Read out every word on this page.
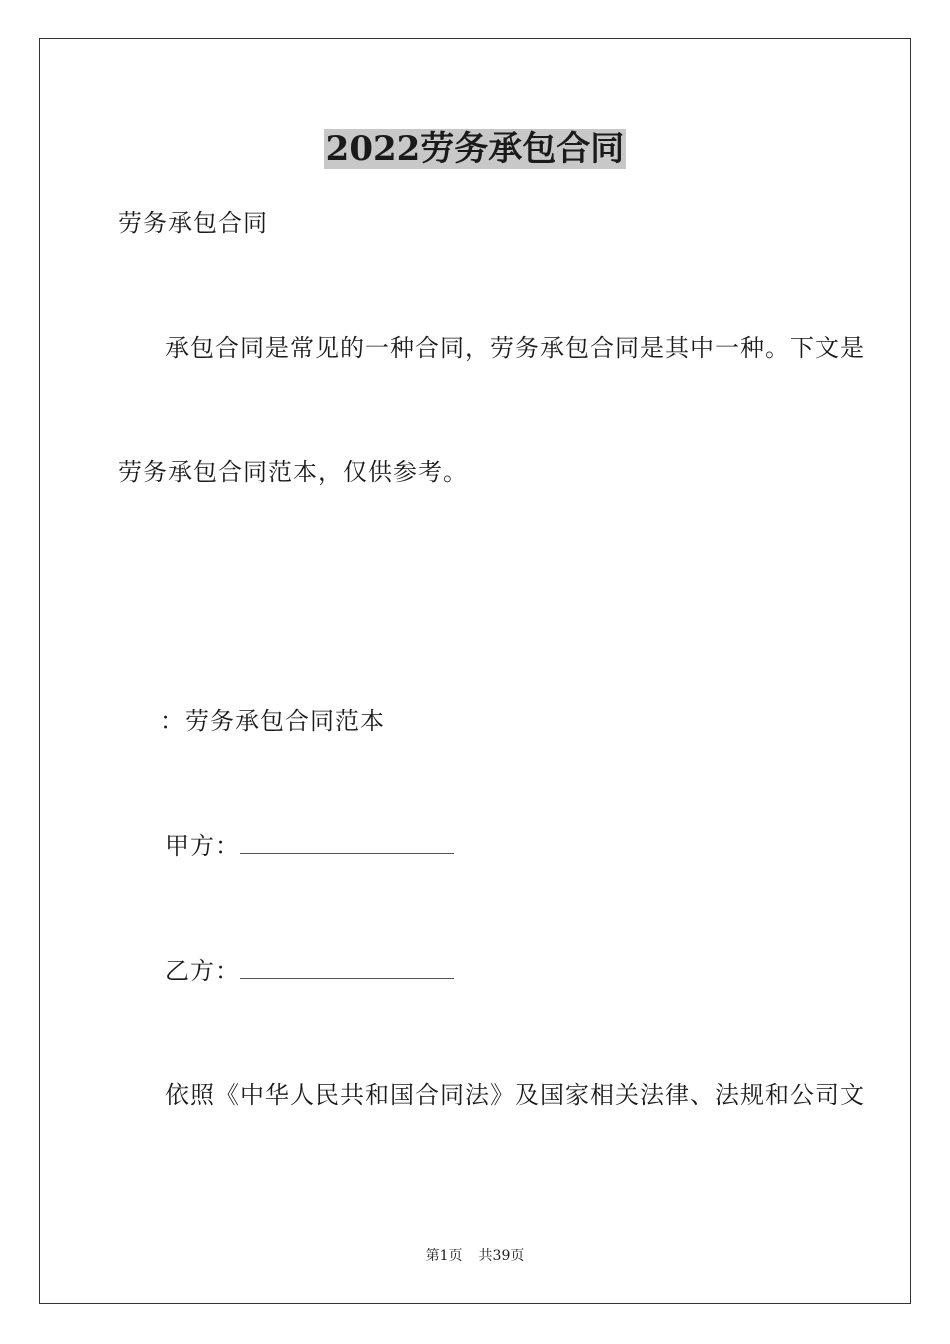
2022劳务承包合同
劳务承包合同
承包合同是常见的一种合同，劳务承包合同是其中一种。下文是
劳务承包合同范本，仅供参考。
：劳务承包合同范本
甲方：
乙方：
依照《中华人民共和国合同法》及国家相关法律、法规和公司文
第1页 共39页
